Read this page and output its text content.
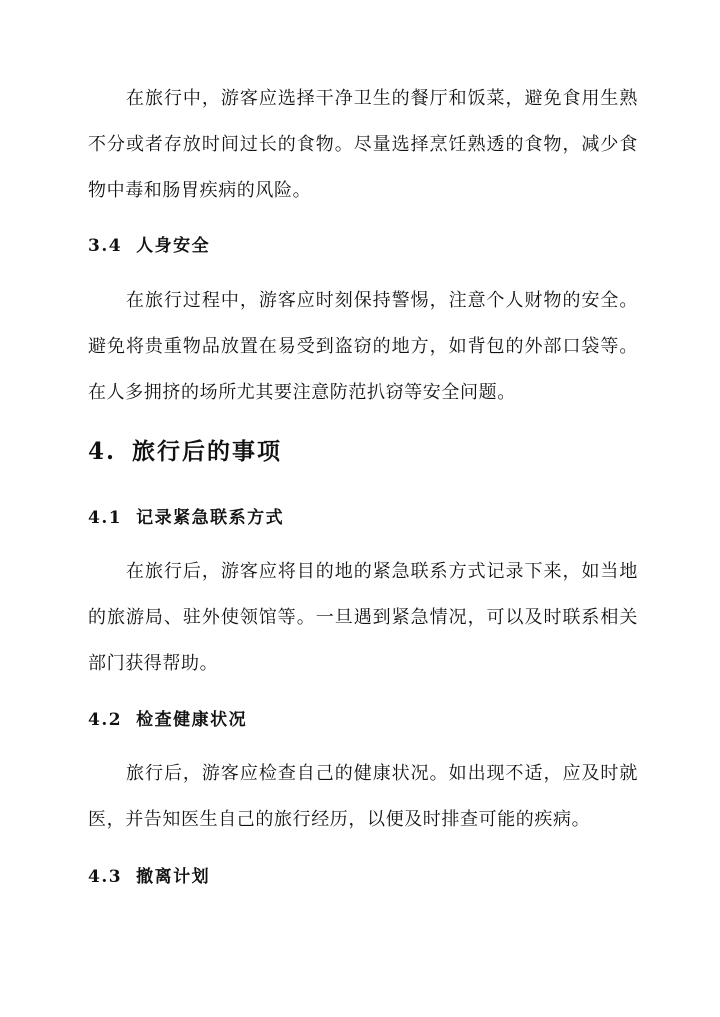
在旅行中，游客应选择干净卫生的餐厅和饭菜，避免食用生熟不分或者存放时间过长的食物。尽量选择烹饪熟透的食物，减少食物中毒和肠胃疾病的风险。

3.4 人身安全

在旅行过程中，游客应时刻保持警惕，注意个人财物的安全。避免将贵重物品放置在易受到盗窃的地方，如背包的外部口袋等。在人多拥挤的场所尤其要注意防范扒窃等安全问题。

4. 旅行后的事项
4.1 记录紧急联系方式

在旅行后，游客应将目的地的紧急联系方式记录下来，如当地的旅游局、驻外使领馆等。一旦遇到紧急情况，可以及时联系相关部门获得帮助。

4.2 检查健康状况

旅行后，游客应检查自己的健康状况。如出现不适，应及时就医，并告知医生自己的旅行经历，以便及时排查可能的疾病。

4.3 撤离计划
